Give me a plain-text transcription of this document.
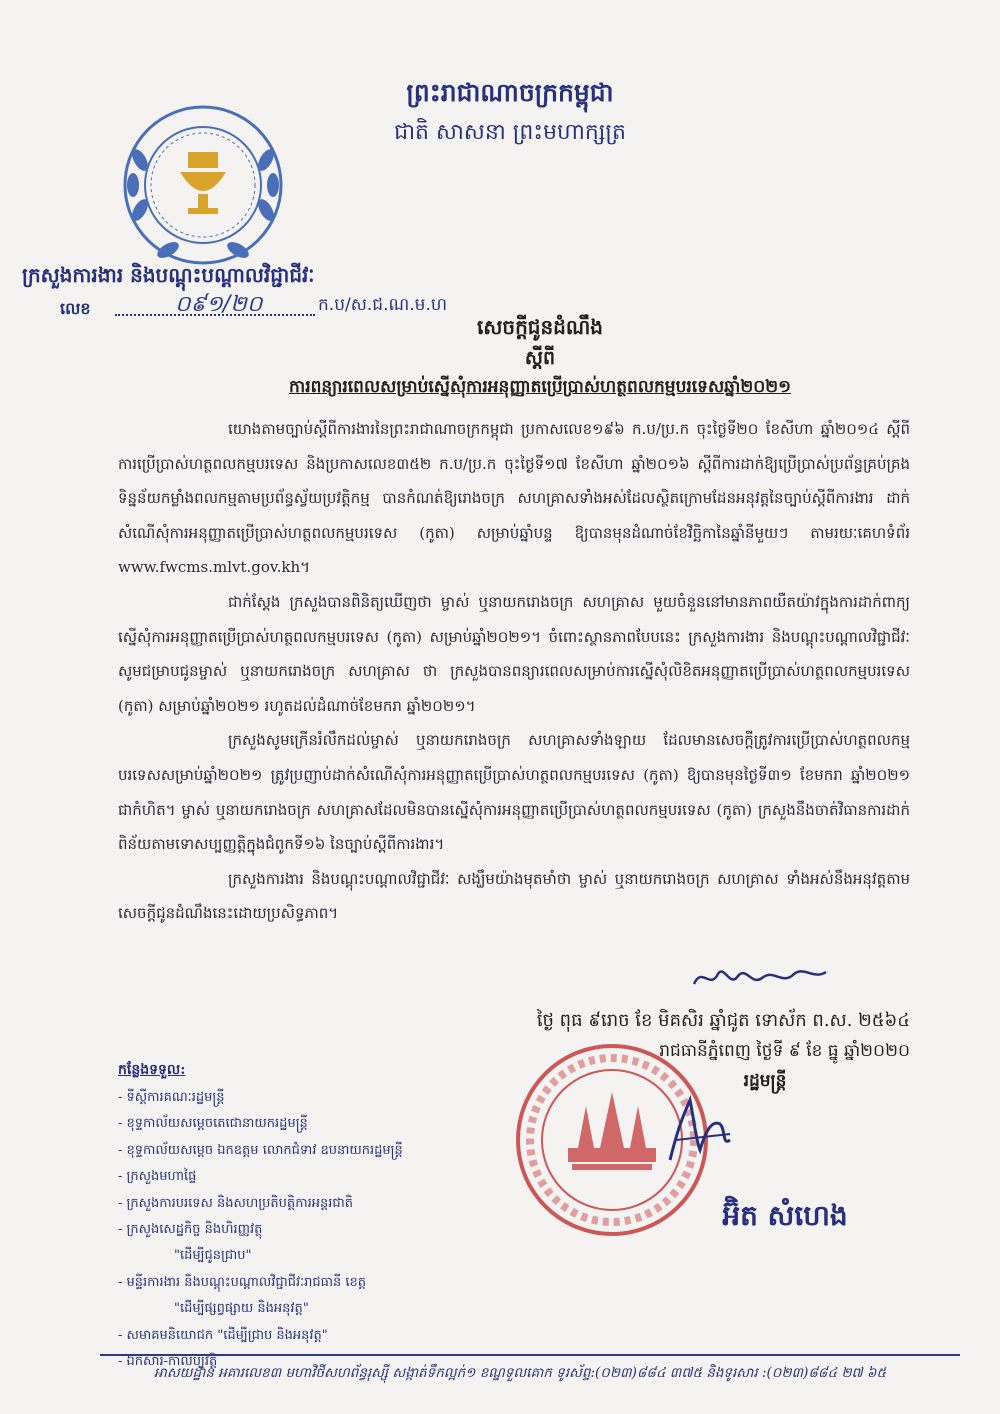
ព្រះរាជាណាចក្រកម្ពុជា
ជាតិ សាសនា ព្រះមហាក្សត្រ
ក្រសួងការងារ និងបណ្តុះបណ្តាលវិជ្ជាជីវៈ
លេខ	០៩១/២០	ក.ប/ស.ជ.ណ.ម.ហ
សេចក្តីជូនដំណឹង
ស្តីពី
ការពន្យារពេលសម្រាប់ស្នើសុំការអនុញ្ញាតប្រើប្រាស់ហត្ថពលកម្មបរទេសឆ្នាំ២០២១

យោងតាមច្បាប់ស្តីពីការងារនៃព្រះរាជាណាចក្រកម្ពុជា ប្រកាសលេខ១៩៦ ក.ប/ប្រ.ក ចុះថ្ងៃទី២០ ខែសីហា ឆ្នាំ២០១៤ ស្តីពីការប្រើប្រាស់ហត្ថពលកម្មបរទេស និងប្រកាសលេខ៣៥២ ក.ប/ប្រ.ក ចុះថ្ងៃទី១៧ ខែសីហា ឆ្នាំ២០១៦ ស្តីពីការដាក់ឱ្យប្រើប្រាស់ប្រព័ន្ធគ្រប់គ្រងទិន្នន័យកម្លាំងពលកម្មតាមប្រព័ន្ធស្វ័យប្រវត្តិកម្ម បានកំណត់ឱ្យរោងចក្រ សហគ្រាសទាំងអស់ដែលស្ថិតក្រោមដែនអនុវត្តនៃច្បាប់ស្តីពីការងារ ដាក់សំណើសុំការអនុញ្ញាតប្រើប្រាស់ហត្ថពលកម្មបរទេស (កូតា) សម្រាប់ឆ្នាំបន្ទ ឱ្យបានមុនដំណាច់ខែវិច្ឆិកានៃឆ្នាំនីមួយៗ តាមរយៈគេហទំព័រ www.fwcms.mlvt.gov.kh។

ជាក់ស្តែង ក្រសួងបានពិនិត្យឃើញថា ម្ចាស់ ឬនាយករោងចក្រ សហគ្រាស មួយចំនួននៅមានភាពយឺតយ៉ាវក្នុងការដាក់ពាក្យស្នើសុំការអនុញ្ញាតប្រើប្រាស់ហត្ថពលកម្មបរទេស (កូតា) សម្រាប់ឆ្នាំ២០២១។ ចំពោះស្ថានភាពបែបនេះ ក្រសួងការងារ និងបណ្តុះបណ្តាលវិជ្ជាជីវៈ សូមជម្រាបជូនម្ចាស់ ឬនាយករោងចក្រ សហគ្រាស ថា ក្រសួងបានពន្យារពេលសម្រាប់ការស្នើសុំលិខិតអនុញ្ញាតប្រើប្រាស់ហត្ថពលកម្មបរទេស (កូតា) សម្រាប់ឆ្នាំ២០២១ រហូតដល់ដំណាច់ខែមករា ឆ្នាំ២០២១។

ក្រសួងសូមក្រើនរំលឹកដល់ម្ចាស់ ឬនាយករោងចក្រ សហគ្រាសទាំងឡាយ ដែលមានសេចក្តីត្រូវការប្រើប្រាស់ហត្ថពលកម្មបរទេសសម្រាប់ឆ្នាំ២០២១ ត្រូវប្រញាប់ដាក់សំណើសុំការអនុញ្ញាតប្រើប្រាស់ហត្ថពលកម្មបរទេស (កូតា) ឱ្យបានមុនថ្ងៃទី៣១ ខែមករា ឆ្នាំ២០២១ ជាកំហិត។ ម្ចាស់ ឬនាយករោងចក្រ សហគ្រាសដែលមិនបានស្នើសុំការអនុញ្ញាតប្រើប្រាស់ហត្ថពលកម្មបរទេស (កូតា) ក្រសួងនឹងចាត់វិធានការដាក់ពិន័យតាមទោសប្បញ្ញត្តិក្នុងជំពូកទី១៦ នៃច្បាប់ស្តីពីការងារ។

ក្រសួងការងារ និងបណ្តុះបណ្តាលវិជ្ជាជីវៈ សង្ឃឹមយ៉ាងមុតមាំថា ម្ចាស់ ឬនាយករោងចក្រ សហគ្រាស ទាំងអស់នឹងអនុវត្តតាមសេចក្តីជូនដំណឹងនេះដោយប្រសិទ្ធភាព។

ថ្ងៃ ពុធ ៩រោច ខែ មិគសិរ ឆ្នាំជូត ទោស័ក ព.ស. ២៥៦៤
រាជធានីភ្នំពេញ ថ្ងៃទី ៩ ខែ ធ្នូ ឆ្នាំ២០២០
រដ្ឋមន្ត្រី
អ៊ិត សំហេង
កន្លែងទទួល:
- ទីស្តីការគណៈរដ្ឋមន្ត្រី
- ខុទ្ទកាល័យសម្តេចតេជោនាយករដ្ឋមន្ត្រី
- ខុទ្ទកាល័យសម្តេច ឯកឧត្តម លោកជំទាវ ឧបនាយករដ្ឋមន្ត្រី
- ក្រសួងមហាផ្ទៃ
- ក្រសួងការបរទេស និងសហប្រតិបត្តិការអន្តរជាតិ
- ក្រសួងសេដ្ឋកិច្ច និងហិរញ្ញវត្ថុ
"ដើម្បីជូនជ្រាប"
- មន្ទីរការងារ និងបណ្តុះបណ្តាលវិជ្ជាជីវៈរាជធានី ខេត្ត
"ដើម្បីផ្សព្វផ្សាយ និងអនុវត្ត"
- សមាគមនិយោជក "ដើម្បីជ្រាប និងអនុវត្ត"
- ឯកសារ-កាលប្បវត្តិ
អាសយដ្ឋាន អគារលេខ៣ មហាវិថីសហព័ន្ធរុស្ស៊ី សង្កាត់ទឹកល្អក់១ ខណ្ឌទួលគោក ទូរស័ព្ទ:(០២៣)៨៨៤ ៣៧៥ និងទូរសារ :(០២៣)៨៨៤ ២៧ ៦៥
